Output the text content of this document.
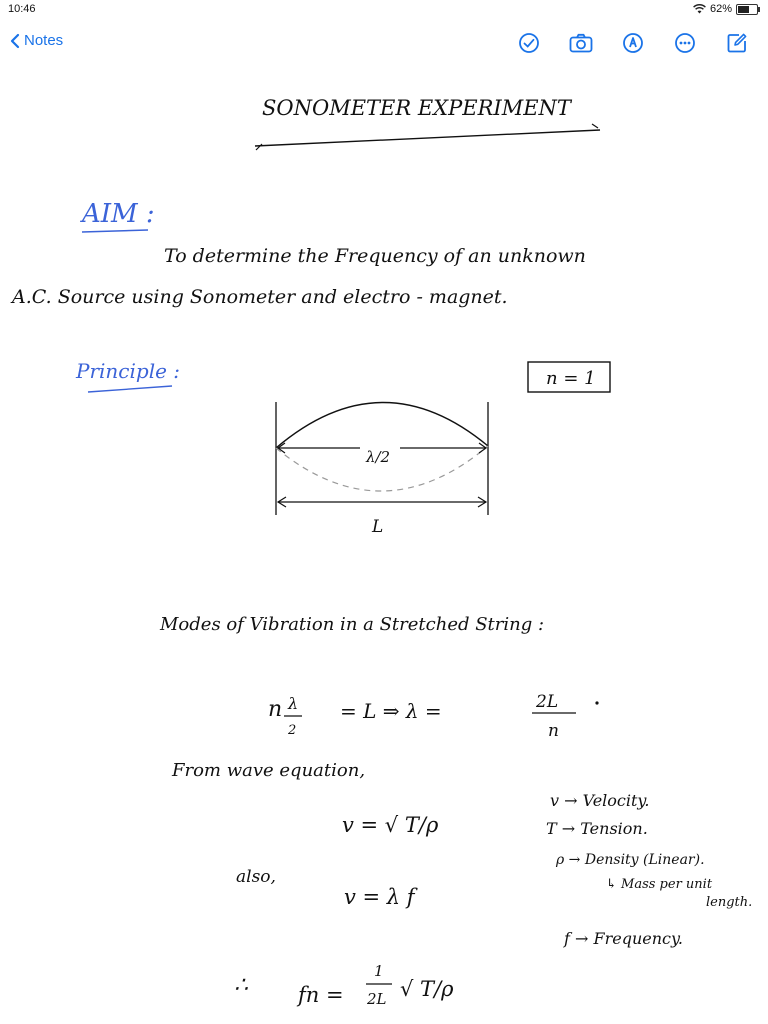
10:46	62%
Notes
SONOMETER EXPERIMENT
AIM :
To determine the Frequency of an unknown
A.C. Source using Sonometer and electro - magnet.
Principle :	n = 1
λ/2
L
Modes of Vibration in a Stretched String :
n λ
2
= L ⇒ λ =	2L
n
From wave equation,
v = √ T/ρ
also,
v = λ f
∴ fn =
1
2L √ T/ρ
v → Velocity.
T → Tension.
ρ → Density (Linear).
↳ Mass per unit
length.
f → Frequency.
